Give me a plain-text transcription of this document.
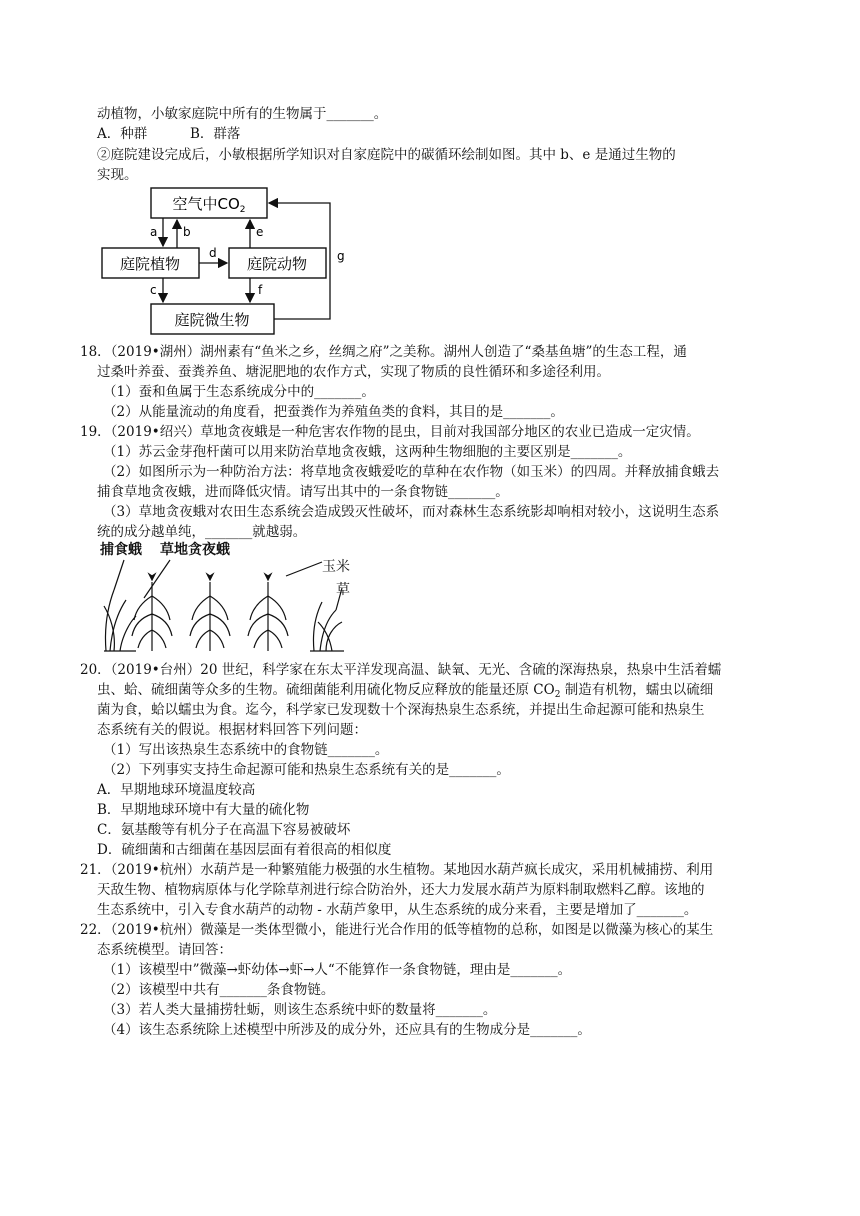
动植物，小敏家庭院中所有的生物属于_______。
A．种群	B．群落
②庭院建设完成后，小敏根据所学知识对自家庭院中的碳循环绘制如图。其中 b、e 是通过生物的
实现。
空气中$CO_2$
庭院植物	庭院动物
庭院微生物
a b	e
d
c	f
g
18．（2019•湖州）湖州素有“鱼米之乡，丝绸之府”之美称。湖州人创造了“桑基鱼塘”的生态工程，通
过桑叶养蚕、蚕粪养鱼、塘泥肥地的农作方式，实现了物质的良性循环和多途径利用。
（1）蚕和鱼属于生态系统成分中的_______。
（2）从能量流动的角度看，把蚕粪作为养殖鱼类的食料，其目的是_______。
19．（2019•绍兴）草地贪夜蛾是一种危害农作物的昆虫，目前对我国部分地区的农业已造成一定灾情。
（1）苏云金芽孢杆菌可以用来防治草地贪夜蛾，这两种生物细胞的主要区别是_______。
（2）如图所示为一种防治方法：将草地贪夜蛾爱吃的草种在农作物（如玉米）的四周。并释放捕食蛾去
捕食草地贪夜蛾，进而降低灾情。请写出其中的一条食物链_______。
（3）草地贪夜蛾对农田生态系统会造成毁灭性破坏，而对森林生态系统影却响相对较小，这说明生态系
统的成分越单纯，_______就越弱。
捕食蛾 草地贪夜蛾
玉米
草
20．（2019•台州）20 世纪，科学家在东太平洋发现高温、缺氧、无光、含硫的深海热泉，热泉中生活着蠕
虫、蛤、硫细菌等众多的生物。硫细菌能利用硫化物反应释放的能量还原 $CO_2$ 制造有机物，蠕虫以硫细
菌为食，蛤以蠕虫为食。迄今，科学家已发现数十个深海热泉生态系统，并提出生命起源可能和热泉生
态系统有关的假说。根据材料回答下列问题：
（1）写出该热泉生态系统中的食物链_______。
（2）下列事实支持生命起源可能和热泉生态系统有关的是_______。
A．早期地球环境温度较高
B．早期地球环境中有大量的硫化物
C．氨基酸等有机分子在高温下容易被破坏
D．硫细菌和古细菌在基因层面有着很高的相似度
21．（2019•杭州）水葫芦是一种繁殖能力极强的水生植物。某地因水葫芦疯长成灾，采用机械捕捞、利用
天敌生物、植物病原体与化学除草剂进行综合防治外，还大力发展水葫芦为原料制取燃料乙醇。该地的
生态系统中，引入专食水葫芦的动物 - 水葫芦象甲，从生态系统的成分来看，主要是增加了_______。
22．（2019•杭州）微藻是一类体型微小，能进行光合作用的低等植物的总称，如图是以微藻为核心的某生
态系统模型。请回答：
（1）该模型中”微藻→虾幼体→虾→人“不能算作一条食物链，理由是_______。
（2）该模型中共有_______条食物链。
（3）若人类大量捕捞牡蛎，则该生态系统中虾的数量将_______。
（4）该生态系统除上述模型中所涉及的成分外，还应具有的生物成分是_______。
